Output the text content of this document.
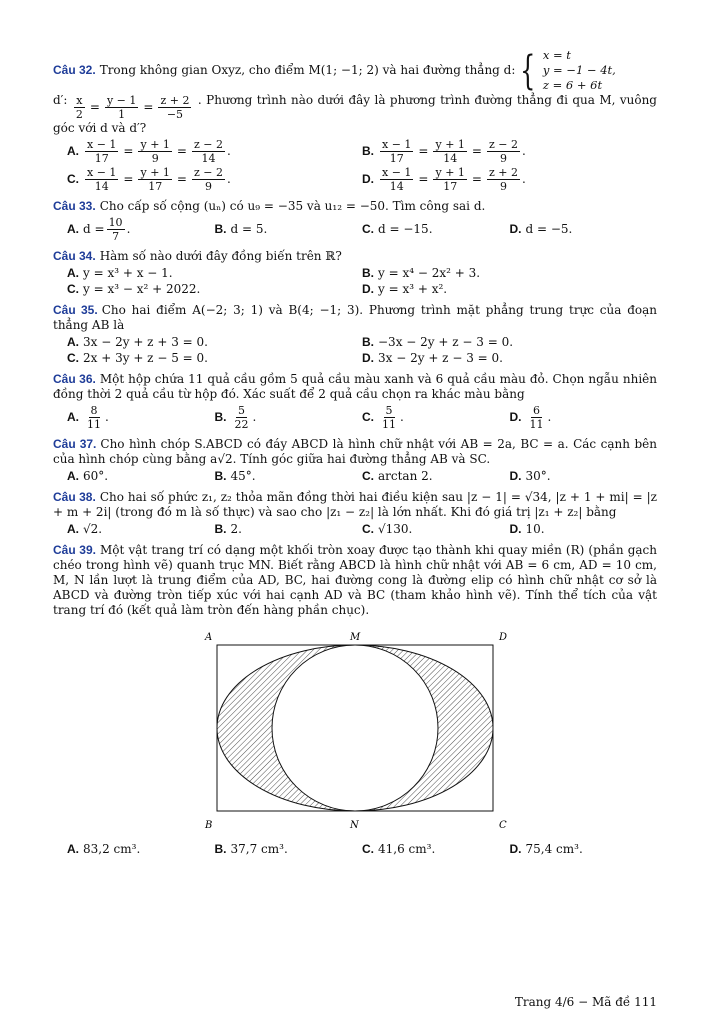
Câu 32. Trong không gian Oxyz, cho điểm M(1; −1; 2) và hai đường thẳng d: { x = t
y = −1 − 4t,
z = 6 + 6t
d′: $\frac{x}{2} = \frac{y - 1}{1} = \frac{z + 2}{-5}$ . Phương trình nào dưới đây là phương trình đường thẳng đi qua M, vuông góc với d và d′?
A. $\frac{x - 1}{17} = \frac{y + 1}{9} = \frac{z - 2}{14}$ .	B. $\frac{x - 1}{17} = \frac{y + 1}{14} = \frac{z - 2}{9}$ .
C. $\frac{x - 1}{14} = \frac{y + 1}{17} = \frac{z - 2}{9}$ .	D. $\frac{x - 1}{14} = \frac{y + 1}{17} = \frac{z + 2}{9}$ .
Câu 33. Cho cấp số cộng (uₙ) có u₉ = −35 và u₁₂ = −50. Tìm công sai d.
A. $d = \frac{10}{7}$ .	B. d = 5.	C. d = −15.	D. d = −5.
Câu 34. Hàm số nào dưới đây đồng biến trên ℝ?
A. y = x³ + x − 1.	B. y = x⁴ − 2x² + 3.
C. y = x³ − x² + 2022.	D. y = x³ + x².
Câu 35. Cho hai điểm A(−2; 3; 1) và B(4; −1; 3). Phương trình mặt phẳng trung trực của đoạn thẳng AB là
A. 3x − 2y + z + 3 = 0.	B. −3x − 2y + z − 3 = 0.
C. 2x + 3y + z − 5 = 0.	D. 3x − 2y + z − 3 = 0.
Câu 36. Một hộp chứa 11 quả cầu gồm 5 quả cầu màu xanh và 6 quả cầu màu đỏ. Chọn ngẫu nhiên đồng thời 2 quả cầu từ hộp đó. Xác suất để 2 quả cầu chọn ra khác màu bằng
A. $\frac{8}{11}$ .	B. $\frac{5}{22}$ .	C. $\frac{5}{11}$ .	D. $\frac{6}{11}$ .
Câu 37. Cho hình chóp S.ABCD có đáy ABCD là hình chữ nhật với AB = 2a, BC = a. Các cạnh bên của hình chóp cùng bằng a√2. Tính góc giữa hai đường thẳng AB và SC.
A. 60°.	B. 45°.	C. arctan 2.	D. 30°.
Câu 38. Cho hai số phức z₁, z₂ thỏa mãn đồng thời hai điều kiện sau |z − 1| = √34, |z + 1 + mi| = |z + m + 2i| (trong đó m là số thực) và sao cho |z₁ − z₂| là lớn nhất. Khi đó giá trị |z₁ + z₂| bằng
A. √2.	B. 2.	C. √130.	D. 10.
Câu 39. Một vật trang trí có dạng một khối tròn xoay được tạo thành khi quay miền (R) (phần gạch chéo trong hình vẽ) quanh trục MN. Biết rằng ABCD là hình chữ nhật với AB = 6 cm, AD = 10 cm, M, N lần lượt là trung điểm của AD, BC, hai đường cong là đường elip có hình chữ nhật cơ sở là ABCD và đường tròn tiếp xúc với hai cạnh AD và BC (tham khảo hình vẽ). Tính thể tích của vật trang trí đó (kết quả làm tròn đến hàng phần chục).
A	M	D
B	N	C
A. 83,2 cm³.	B. 37,7 cm³.	C. 41,6 cm³.	D. 75,4 cm³.
Trang 4/6 − Mã đề 111
